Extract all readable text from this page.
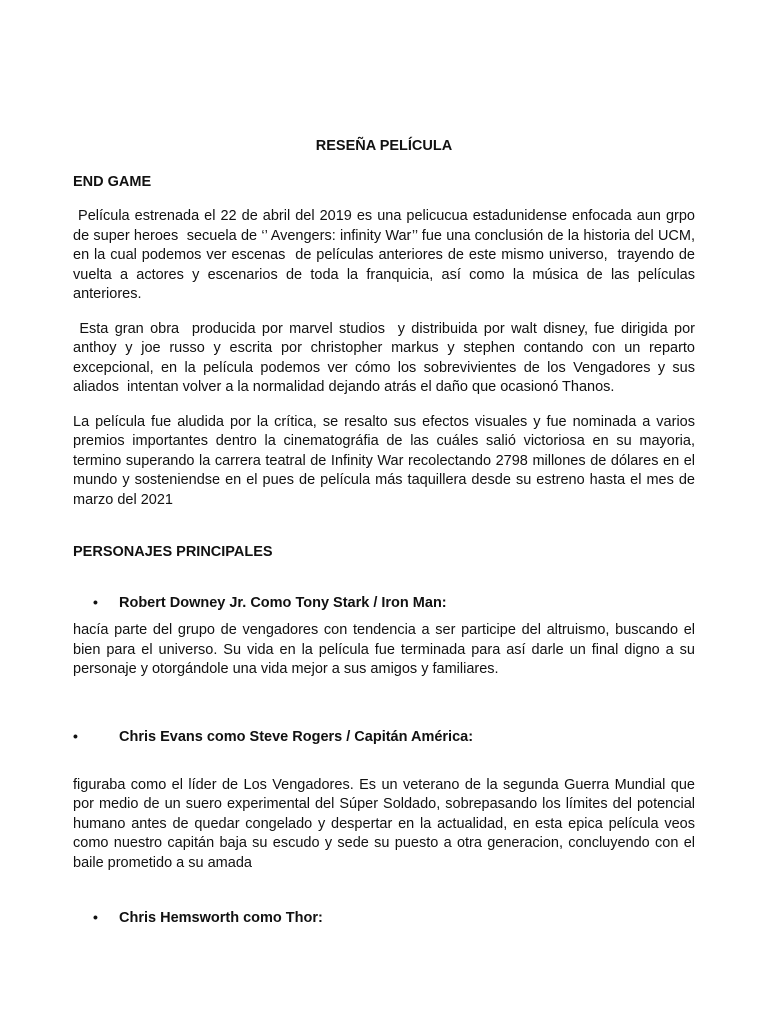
RESEÑA PELÍCULA
END GAME

Película estrenada el 22 de abril del 2019 es una pelicucua estadunidense enfocada aun grpo de super heroes  secuela de ‘’ Avengers: infinity War’’ fue una conclusión de la historia del UCM, en la cual podemos ver escenas  de películas anteriores de este mismo universo,  trayendo de vuelta a actores y escenarios de toda la franquicia, así como la música de las películas anteriores.

Esta gran obra  producida por marvel studios  y distribuida por walt disney, fue dirigida por anthoy y joe russo y escrita por christopher markus y stephen contando con un reparto excepcional, en la película podemos ver cómo los sobrevivientes de los Vengadores y sus aliados  intentan volver a la normalidad dejando atrás el daño que ocasionó Thanos.

La película fue aludida por la crítica, se resalto sus efectos visuales y fue nominada a varios premios importantes dentro la cinematográfia de las cuáles salió victoriosa en su mayoria, termino superando la carrera teatral de Infinity War recolectando 2798 millones de dólares en el mundo y sosteniendse en el pues de película más taquillera desde su estreno hasta el mes de marzo del 2021

PERSONAJES PRINCIPALES
•	Robert Downey Jr. Como Tony Stark / Iron Man:

hacía parte del grupo de vengadores con tendencia a ser participe del altruismo, buscando el bien para el universo. Su vida en la película fue terminada para así darle un final digno a su personaje y otorgándole una vida mejor a sus amigos y familiares.

•	Chris Evans como Steve Rogers / Capitán América:

figuraba como el líder de Los Vengadores. Es un veterano de la segunda Guerra Mundial que por medio de un suero experimental del Súper Soldado, sobrepasando los límites del potencial humano antes de quedar congelado y despertar en la actualidad, en esta epica película veos como nuestro capitán baja su escudo y sede su puesto a otra generacion, concluyendo con el baile prometido a su amada

•	Chris Hemsworth como Thor:
